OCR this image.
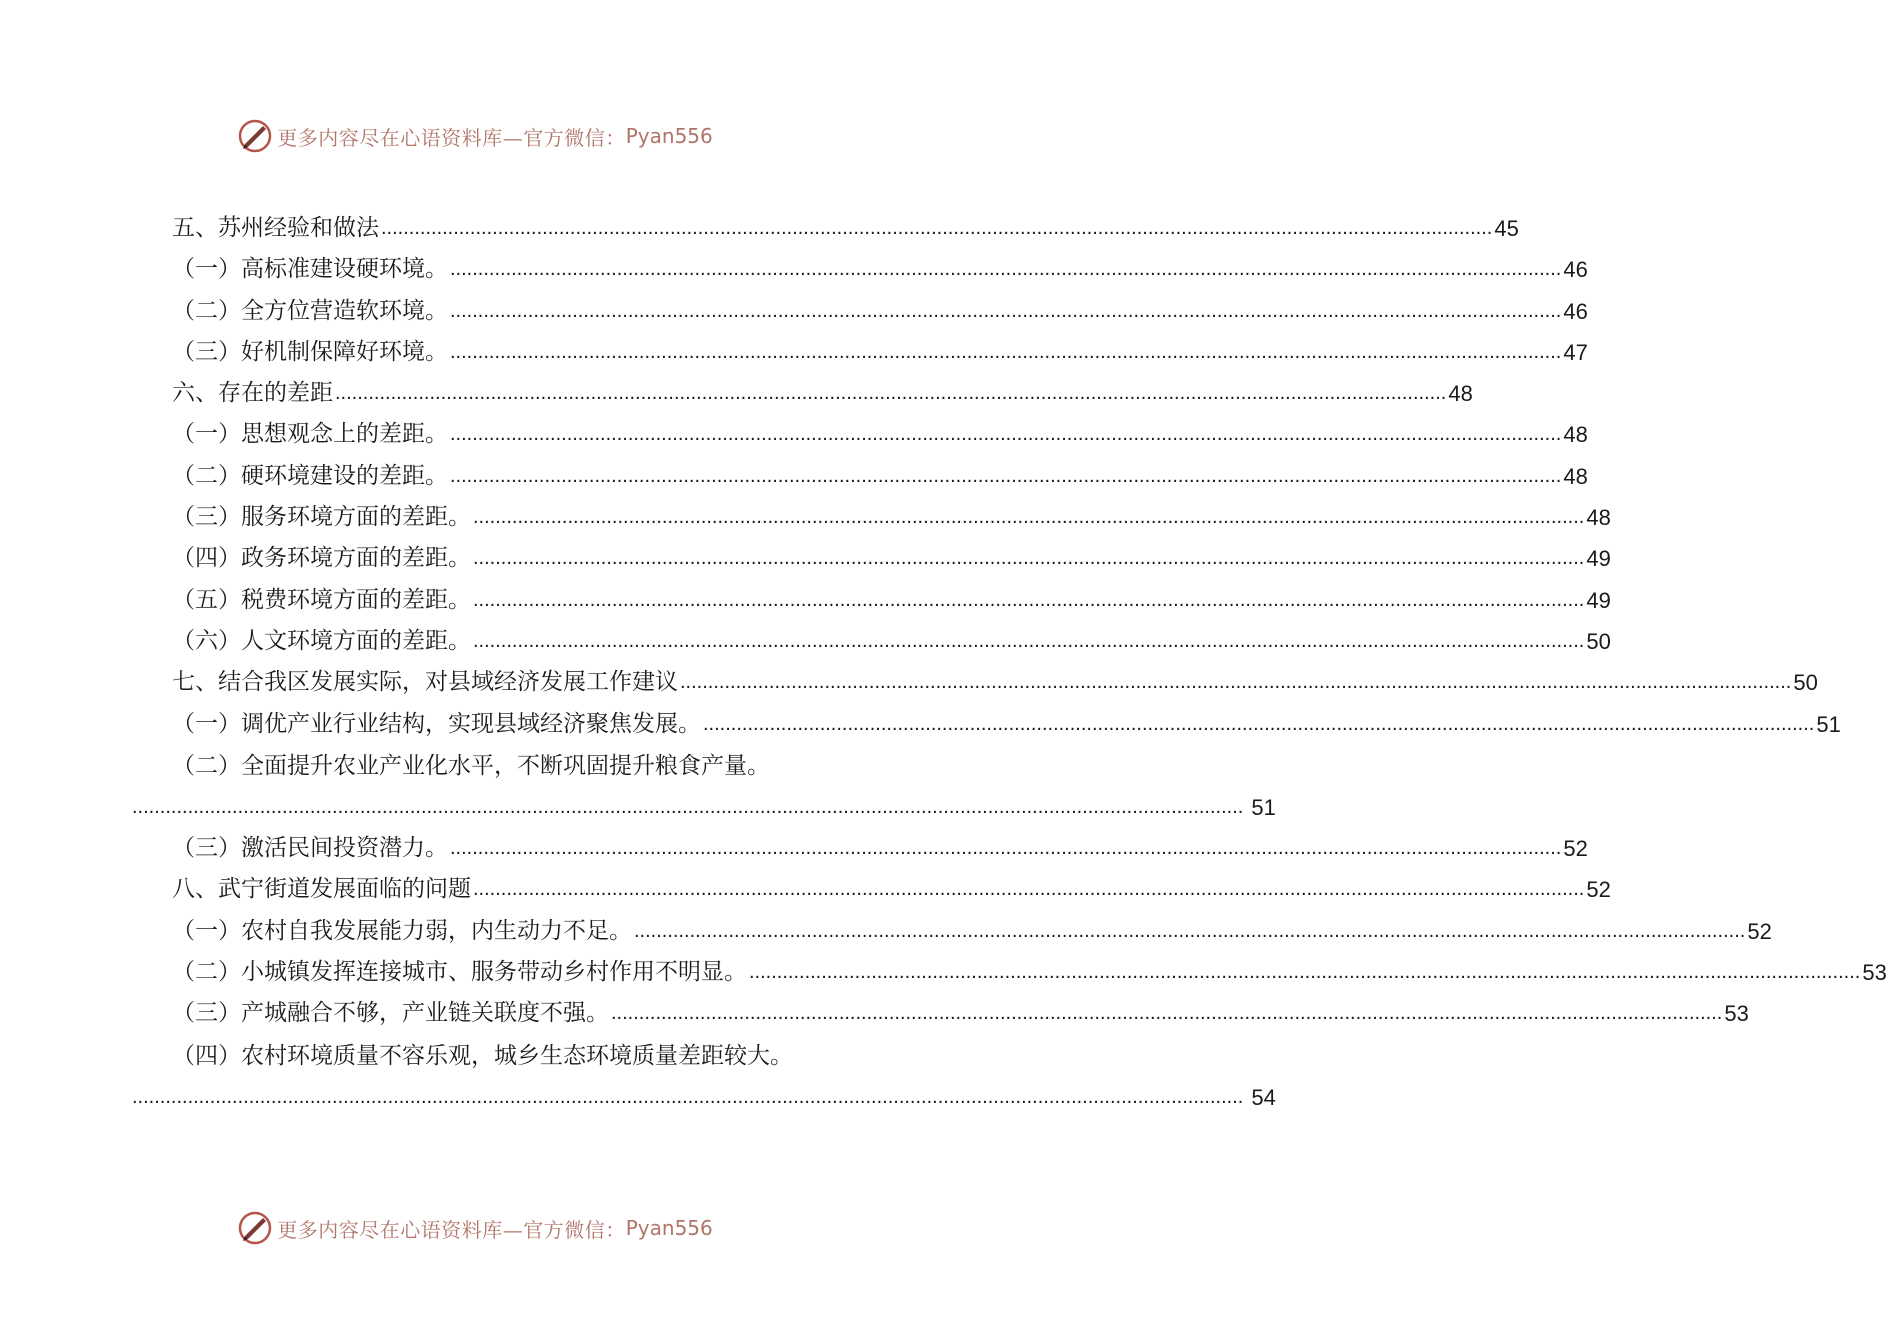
更多内容尽在心语资料库—官方微信： Pyan556
五、苏州经验和做法 ........................................................................................................................................................................................................ 45
（一）高标准建设硬环境。 ........................................................................................................................................................................................................ 46
（二）全方位营造软环境。 ........................................................................................................................................................................................................ 46
（三）好机制保障好环境。 ........................................................................................................................................................................................................ 47
六、存在的差距 ........................................................................................................................................................................................................ 48
（一）思想观念上的差距。 ........................................................................................................................................................................................................ 48
（二）硬环境建设的差距。 ........................................................................................................................................................................................................ 48
（三）服务环境方面的差距。 ........................................................................................................................................................................................................ 48
（四）政务环境方面的差距。 ........................................................................................................................................................................................................ 49
（五）税费环境方面的差距。 ........................................................................................................................................................................................................ 49
（六）人文环境方面的差距。 ........................................................................................................................................................................................................ 50
七、结合我区发展实际，对县域经济发展工作建议 ........................................................................................................................................................................................................ 50
（一）调优产业行业结构，实现县域经济聚焦发展。 ........................................................................................................................................................................................................ 51
（二）全面提升农业产业化水平，不断巩固提升粮食产量。
........................................................................................................................................................................................................ 51
（三）激活民间投资潜力。 ........................................................................................................................................................................................................ 52
八、武宁街道发展面临的问题 ........................................................................................................................................................................................................ 52
（一）农村自我发展能力弱，内生动力不足。 ........................................................................................................................................................................................................ 52
（二）小城镇发挥连接城市、服务带动乡村作用不明显。 ........................................................................................................................................................................................................ 53
（三）产城融合不够，产业链关联度不强。 ........................................................................................................................................................................................................ 53
（四）农村环境质量不容乐观，城乡生态环境质量差距较大。
........................................................................................................................................................................................................ 54
更多内容尽在心语资料库—官方微信： Pyan556
